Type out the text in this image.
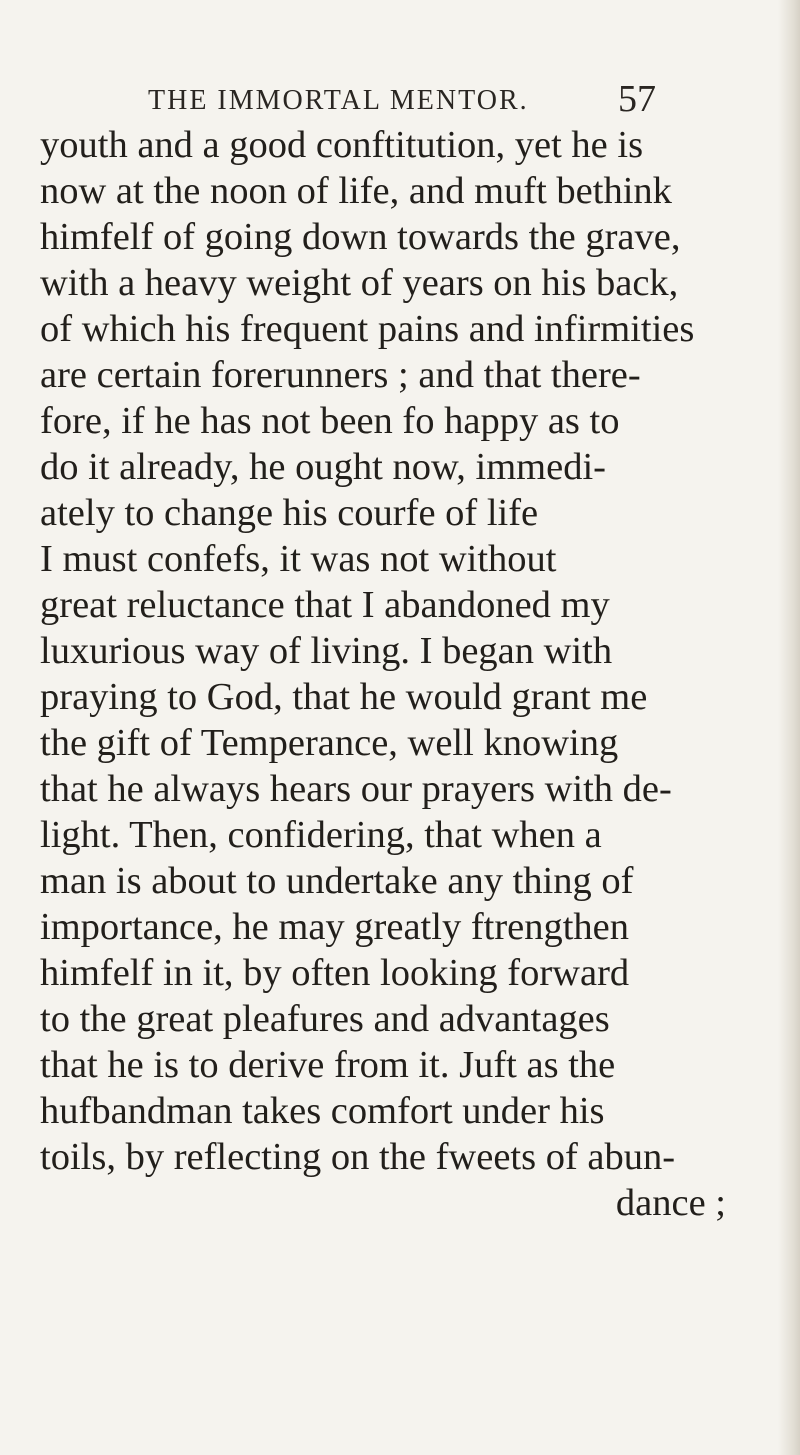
THE IMMORTAL MENTOR. 57
youth and a good conftitution, yet he is
now at the noon of life, and muft bethink
himfelf of going down towards the grave,
with a heavy weight of years on his back,
of which his frequent pains and infirmities
are certain forerunners ; and that there-
fore, if he has not been fo happy as to
do it already, he ought now, immedi-
ately to change his courfe of life
I must confefs, it was not without
great reluctance that I abandoned my
luxurious way of living. I began with
praying to God, that he would grant me
the gift of Temperance, well knowing
that he always hears our prayers with de-
light. Then, confidering, that when a
man is about to undertake any thing of
importance, he may greatly ftrengthen
himfelf in it, by often looking forward
to the great pleafures and advantages
that he is to derive from it. Juft as the
hufbandman takes comfort under his
toils, by reflecting on the fweets of abun-
dance ;
